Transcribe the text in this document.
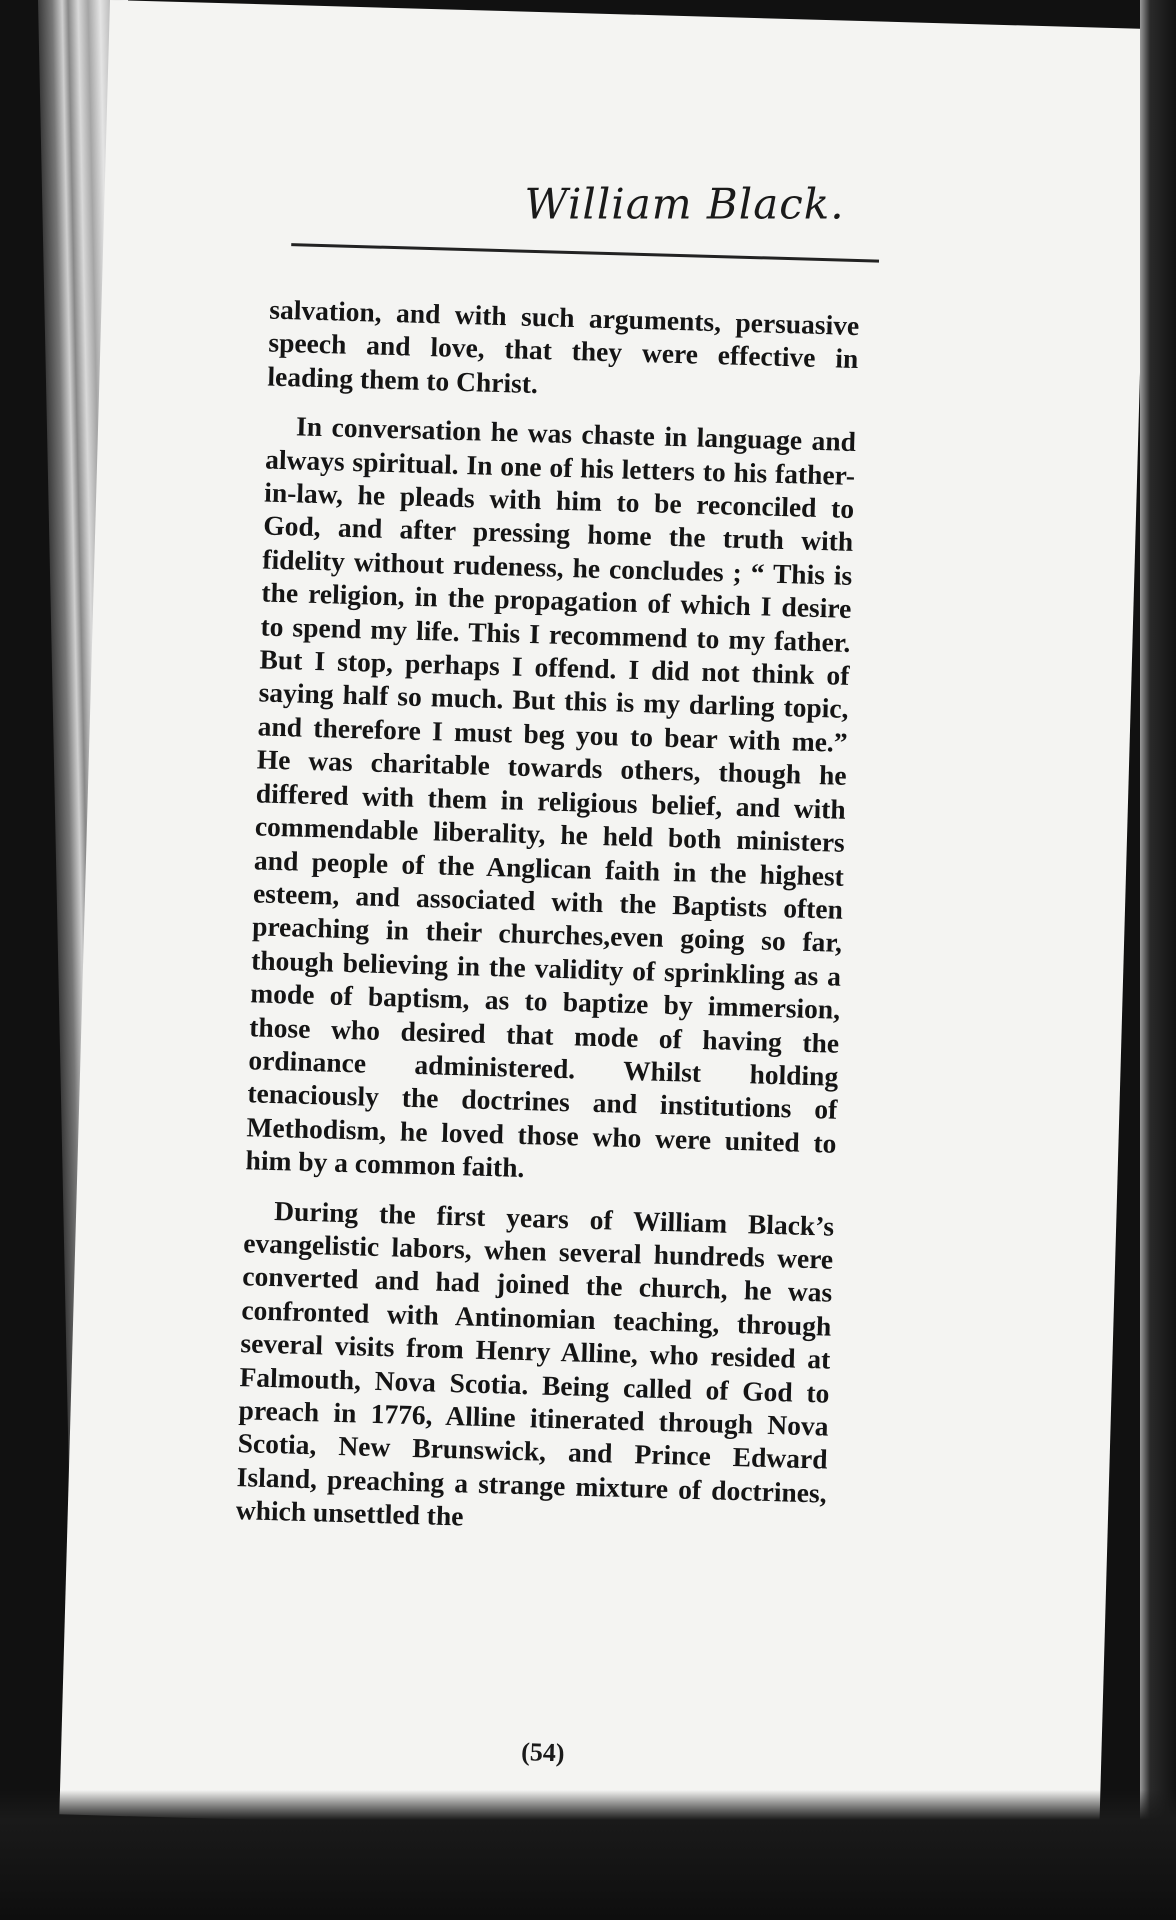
William Black.

salvation, and with such arguments, persuasive speech and love, that they were effective in leading them to Christ.

In conversation he was chaste in language and always spiritual. In one of his letters to his father-in-law, he pleads with him to be reconciled to God, and after pressing home the truth with fidelity without rudeness, he concludes ; “ This is the religion, in the propagation of which I desire to spend my life. This I recommend to my father. But I stop, perhaps I offend. I did not think of saying half so much. But this is my darling topic, and therefore I must beg you to bear with me.” He was charitable towards others, though he differed with them in religious belief, and with commendable liberality, he held both ministers and people of the Anglican faith in the highest esteem, and associated with the Baptists often preaching in their churches,even going so far, though believing in the validity of sprinkling as a mode of baptism, as to baptize by immersion, those who desired that mode of having the ordinance administered. Whilst holding tenaciously the doctrines and institutions of Methodism, he loved those who were united to him by a common faith.

During the first years of William Black’s evangelistic labors, when several hundreds were converted and had joined the church, he was confronted with Antinomian teaching, through several visits from Henry Alline, who resided at Falmouth, Nova Scotia. Being called of God to preach in 1776, Alline itinerated through Nova Scotia, New Brunswick, and Prince Edward Island, preaching a strange mixture of doctrines, which unsettled the

(54)
